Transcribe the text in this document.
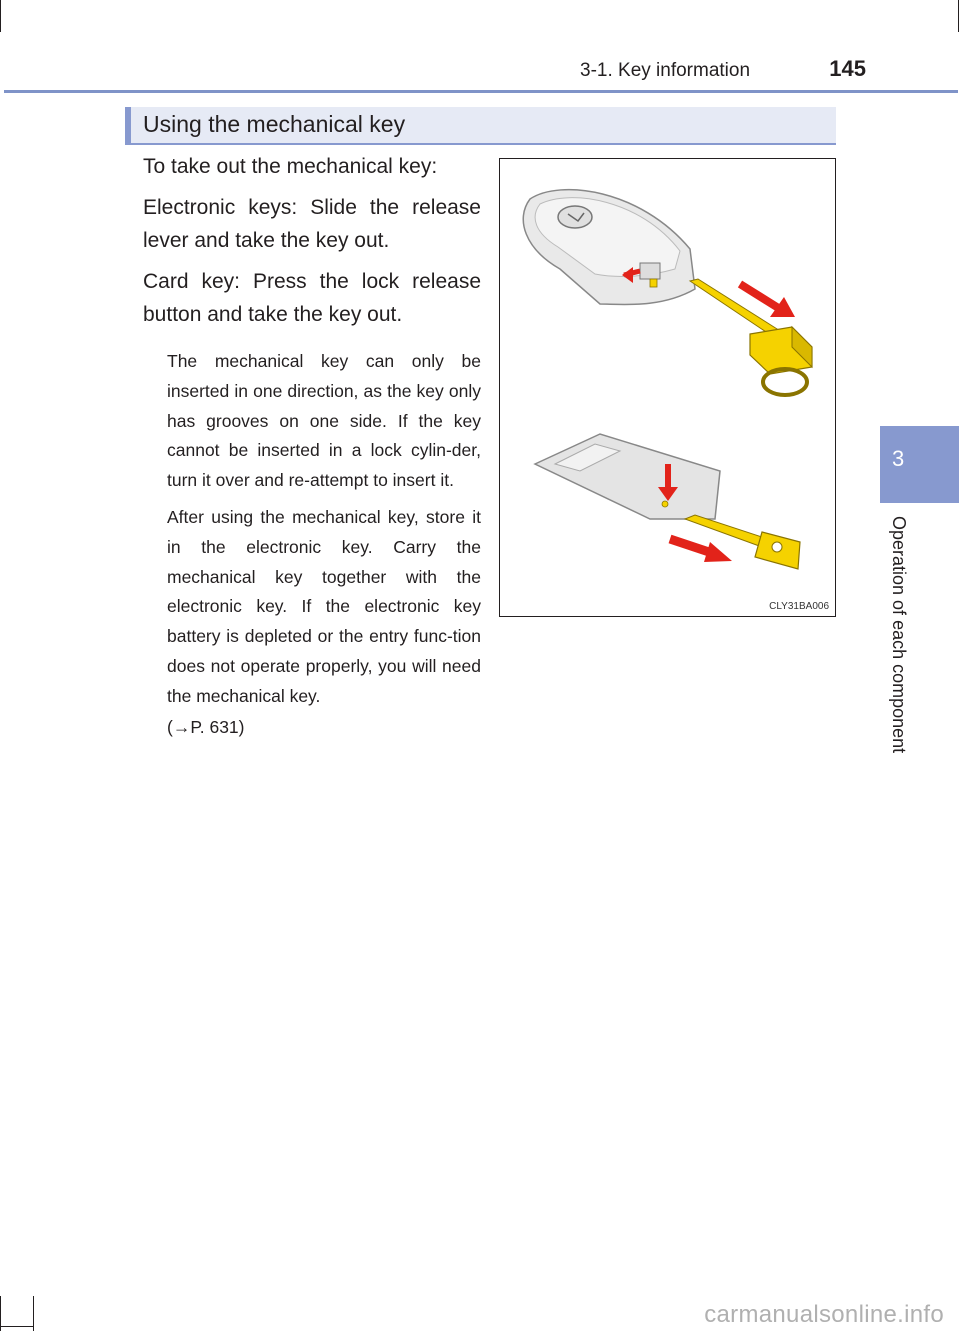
3-1. Key information	145
Using the mechanical key

To take out the mechanical key:

Electronic keys: Slide the release lever and take the key out.

Card key: Press the lock release button and take the key out.

The mechanical key can only be inserted in one direction, as the key only has grooves on one side. If the key cannot be inserted in a lock cylin-der, turn it over and re-attempt to insert it.

After using the mechanical key, store it in the electronic key. Carry the mechanical key together with the electronic key. If the electronic key battery is depleted or the entry func-tion does not operate properly, you will need the mechanical key.

(→P. 631)

CLY31BA006
3
Operation of each component
carmanualsonline.info
